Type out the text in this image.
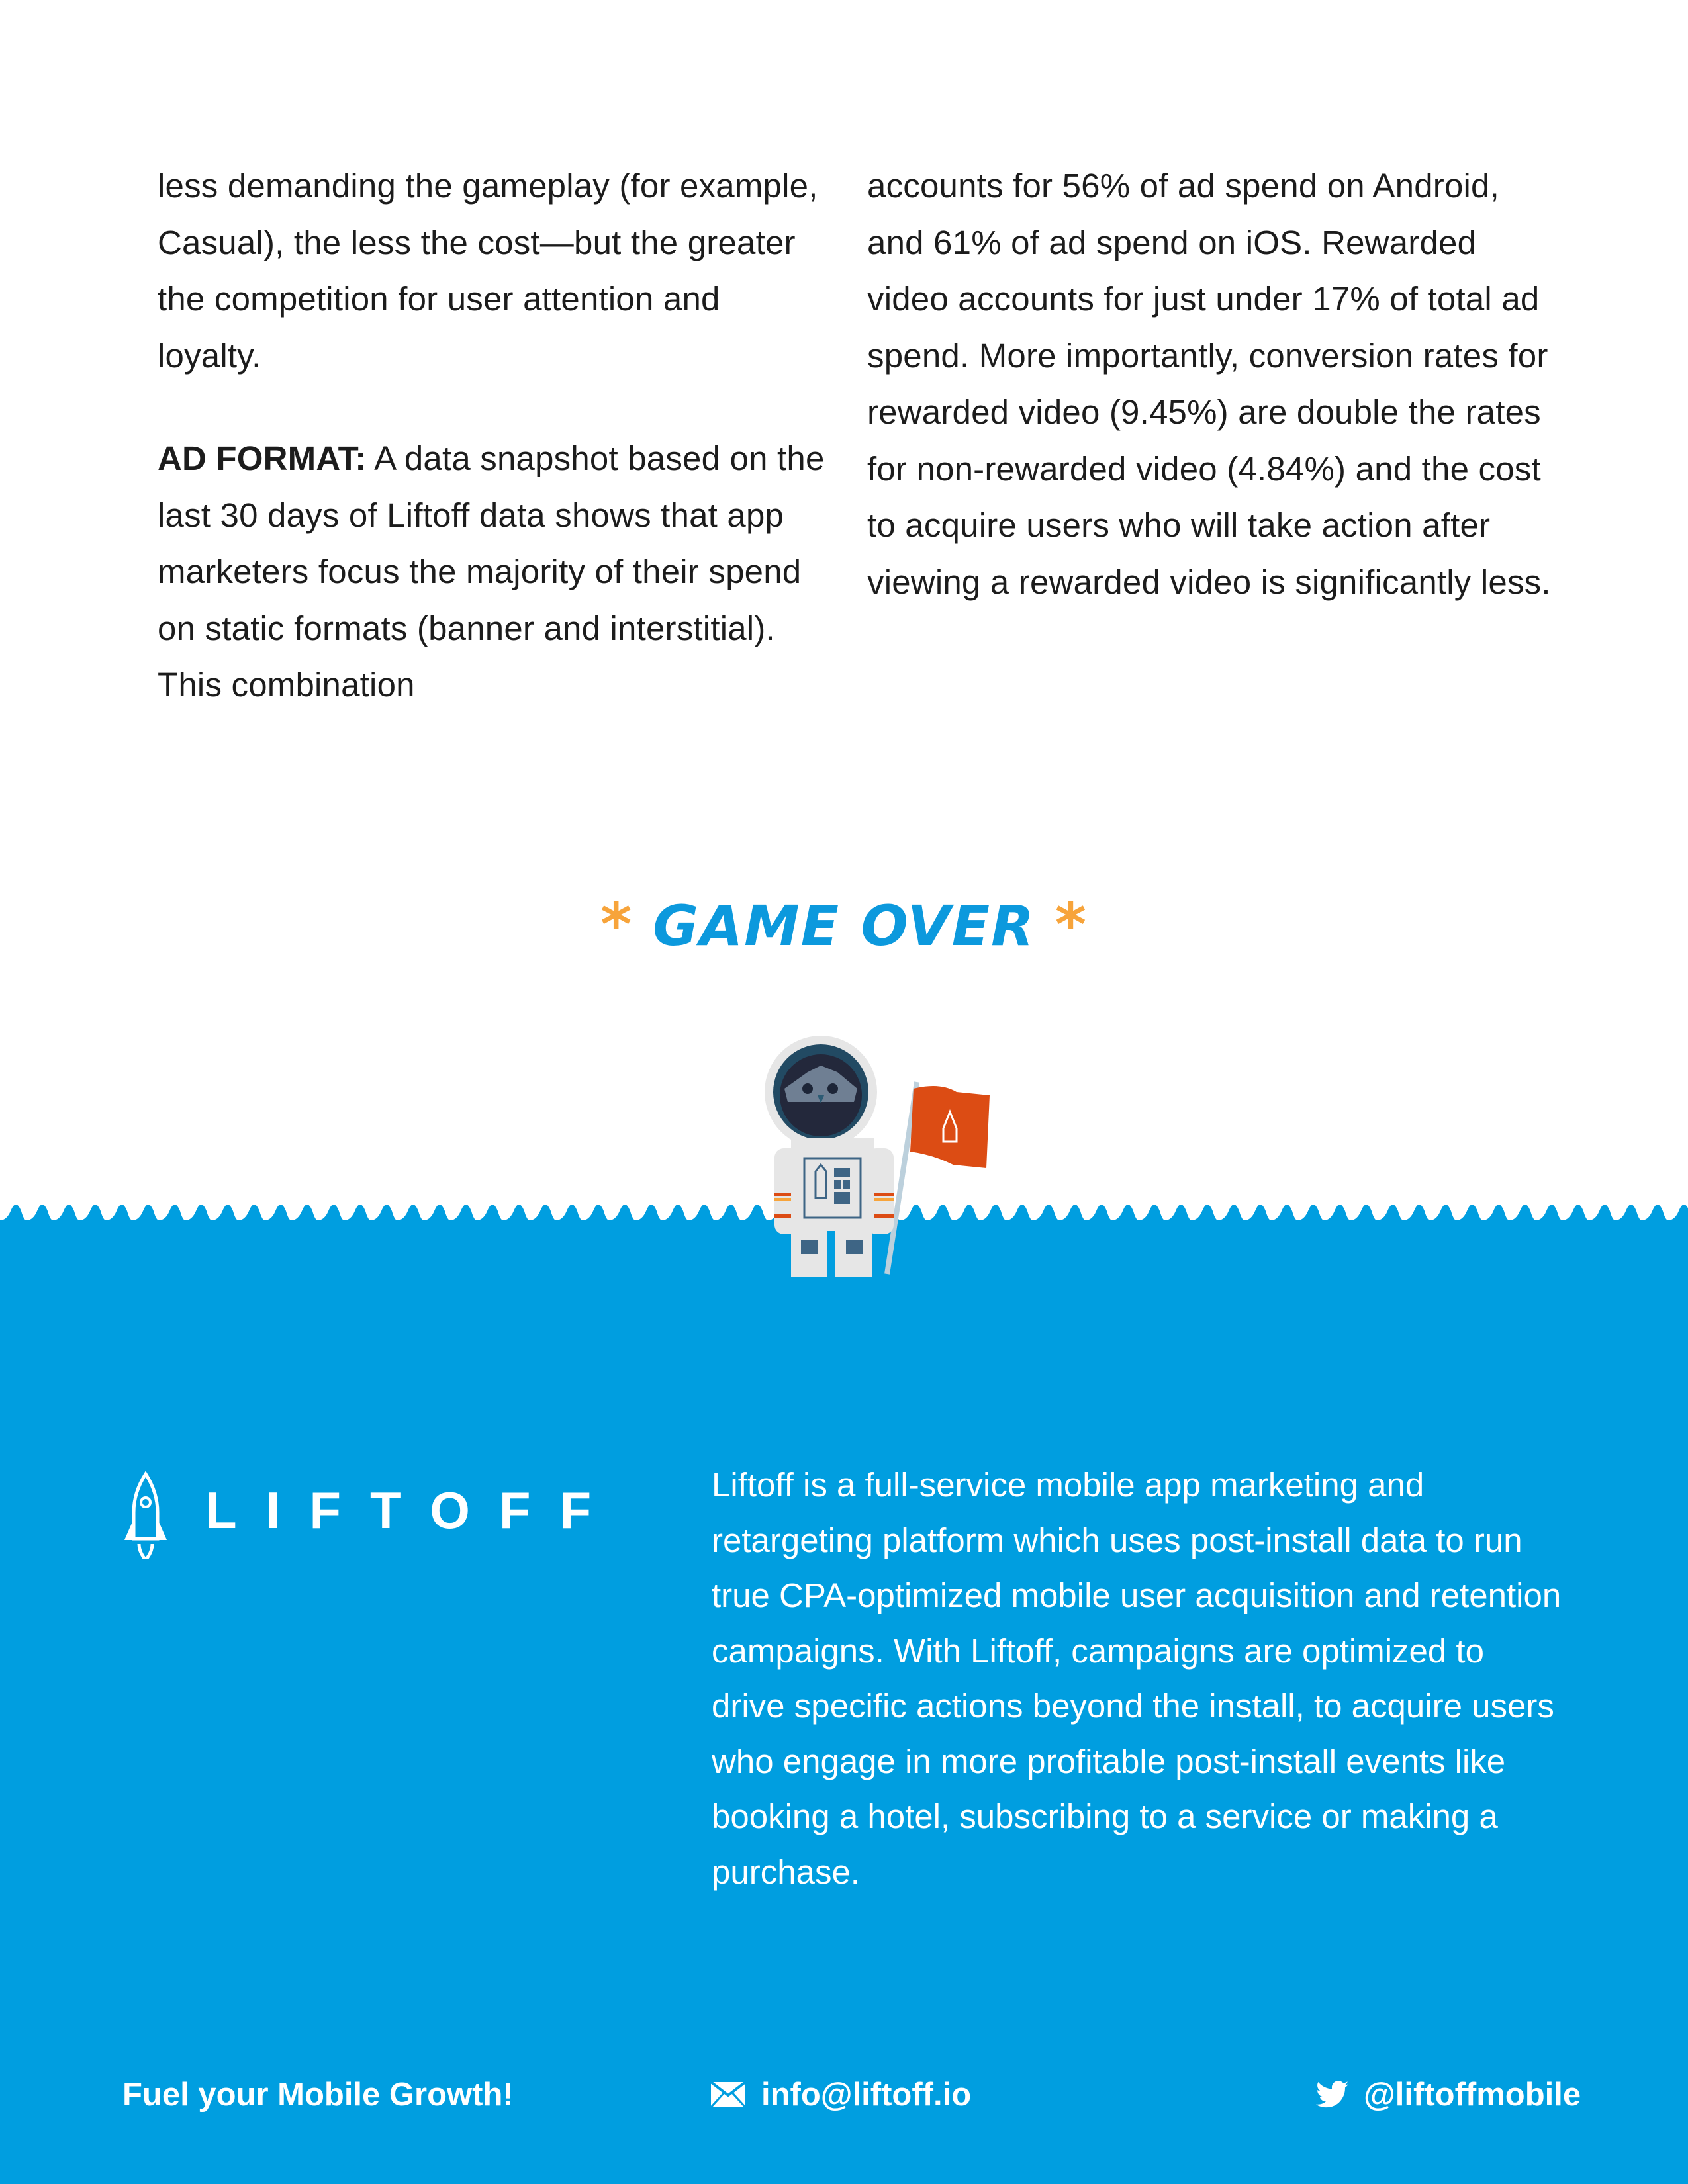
less demanding the gameplay (for example, Casual), the less the cost—but the greater the competition for user attention and loyalty.

AD FORMAT: A data snapshot based on the last 30 days of Liftoff data shows that app marketers focus the majority of their spend on static formats (banner and interstitial). This combination

accounts for 56% of ad spend on Android, and 61% of ad spend on iOS. Rewarded video accounts for just under 17% of total ad spend. More importantly, conversion rates for rewarded video (9.45%) are double the rates for non-rewarded video (4.84%) and the cost to acquire users who will take action after viewing a rewarded video is significantly less.

* GAME OVER *
LIFTOFF	Liftoff is a full-service mobile app marketing and retargeting platform which uses post-install data to run true CPA-optimized mobile user acquisition and retention campaigns. With Liftoff, campaigns are optimized to drive specific actions beyond the install, to acquire users who engage in more profitable post-install events like booking a hotel, subscribing to a service or making a purchase.
Fuel your Mobile Growth!	info@liftoff.io	@liftoffmobile
